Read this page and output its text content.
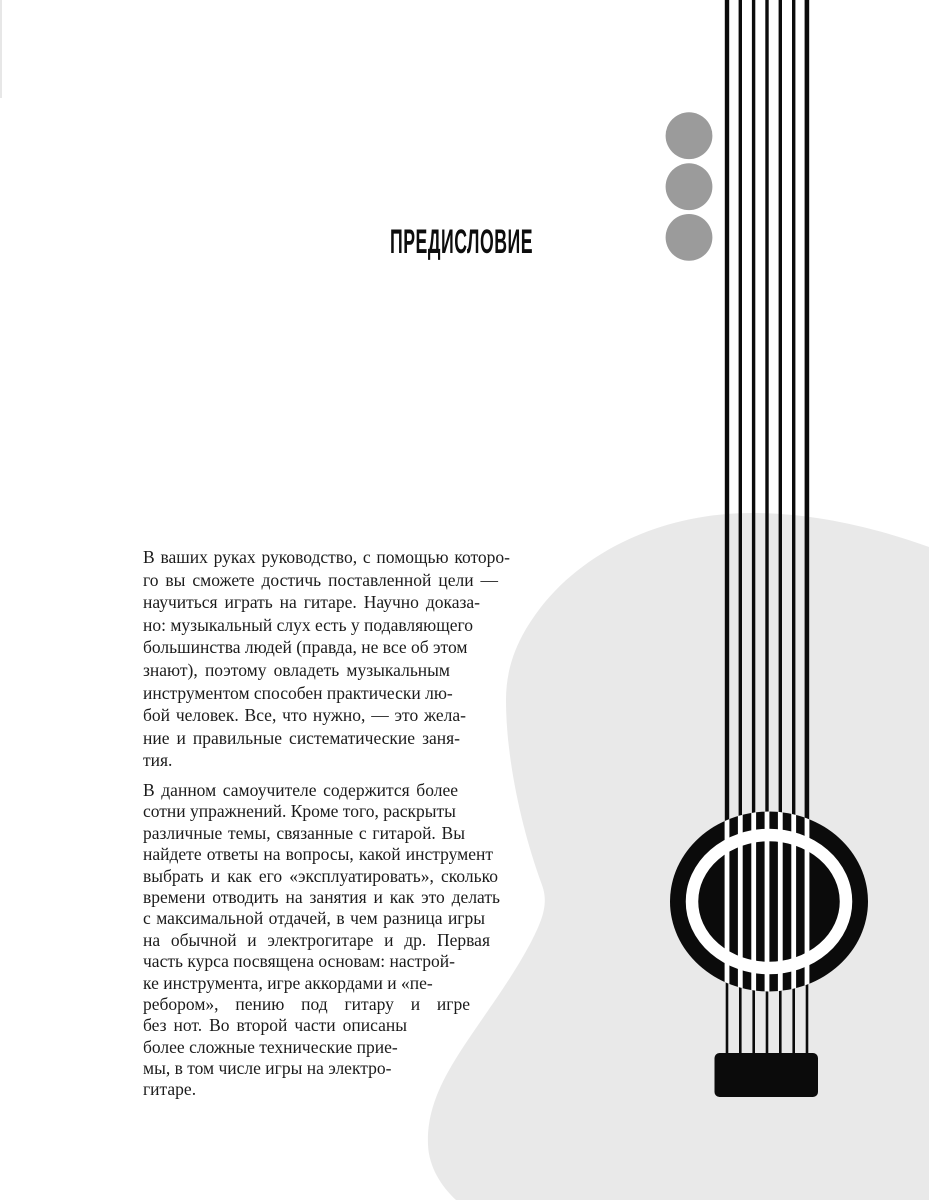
ПРЕДИСЛОВИЕ
В ваших руках руководство, с помощью которо-
го вы сможете достичь поставленной цели —
научиться играть на гитаре. Научно доказа-
но: музыкальный слух есть у подавляющего
большинства людей (правда, не все об этом
знают), поэтому овладеть музыкальным
инструментом способен практически лю-
бой человек. Все, что нужно, — это жела-
ние и правильные систематические заня-
тия.
В данном самоучителе содержится более
сотни упражнений. Кроме того, раскрыты
различные темы, связанные с гитарой. Вы
найдете ответы на вопросы, какой инструмент
выбрать и как его «эксплуатировать», сколько
времени отводить на занятия и как это делать
с максимальной отдачей, в чем разница игры
на обычной и электрогитаре и др. Первая
часть курса посвящена основам: настрой-
ке инструмента, игре аккордами и «пе-
ребором», пению под гитару и игре
без нот. Во второй части описаны
более сложные технические прие-
мы, в том числе игры на электро-
гитаре.
